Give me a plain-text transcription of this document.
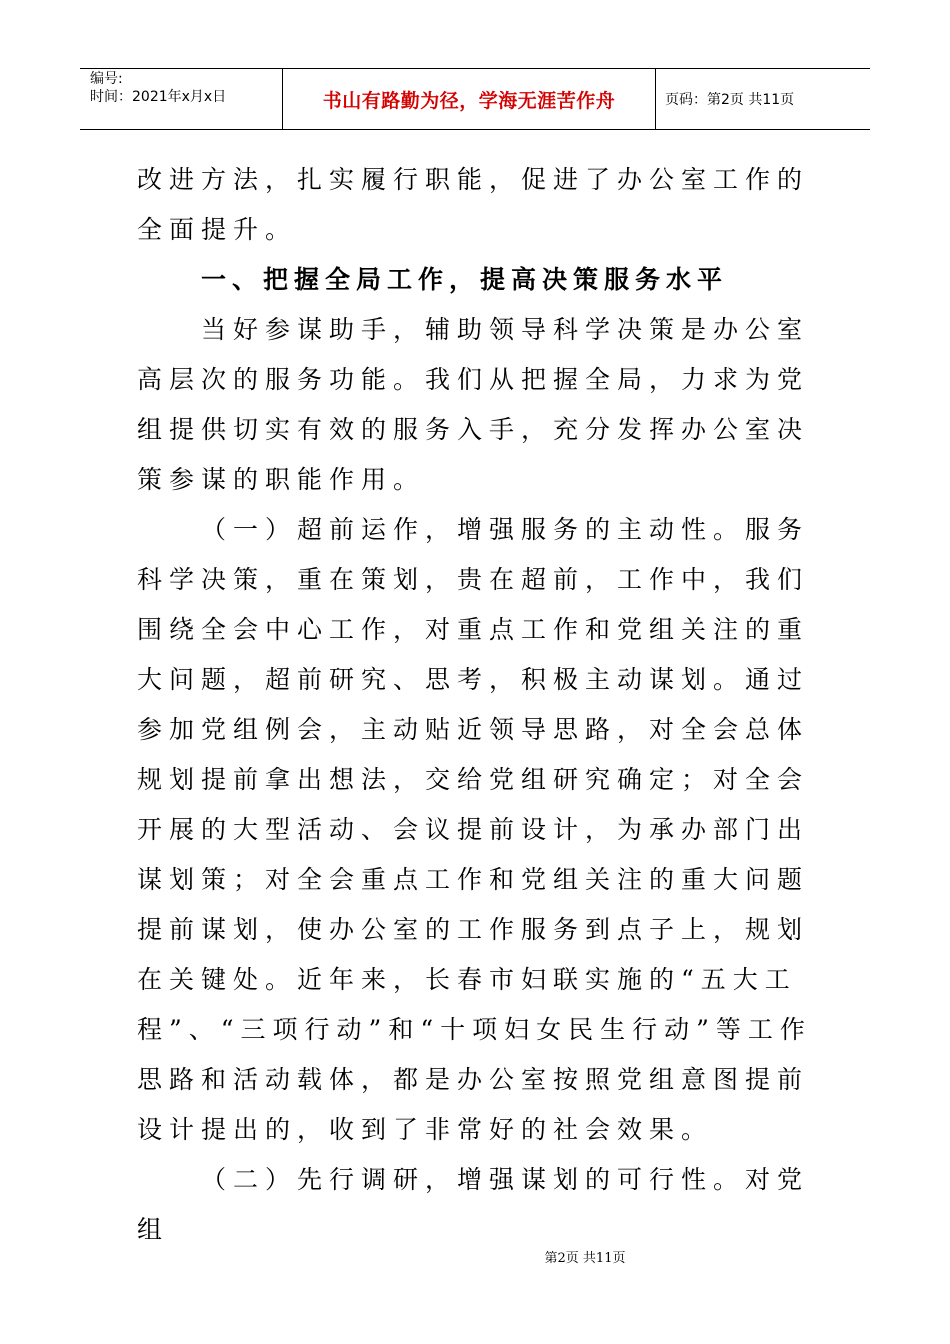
编号:
时间：2021年x月x日	书山有路勤为径，学海无涯苦作舟	页码：第2页 共11页

改进方法，扎实履行职能，促进了办公室工作的全面提升。

一、把握全局工作，提高决策服务水平

当好参谋助手，辅助领导科学决策是办公室高层次的服务功能。我们从把握全局，力求为党组提供切实有效的服务入手，充分发挥办公室决策参谋的职能作用。

（一）超前运作，增强服务的主动性。服务科学决策，重在策划，贵在超前，工作中，我们围绕全会中心工作，对重点工作和党组关注的重大问题，超前研究、思考，积极主动谋划。通过参加党组例会，主动贴近领导思路，对全会总体规划提前拿出想法，交给党组研究确定；对全会开展的大型活动、会议提前设计，为承办部门出谋划策；对全会重点工作和党组关注的重大问题提前谋划，使办公室的工作服务到点子上，规划在关键处。近年来，长春市妇联实施的“五大工程”、“三项行动”和“十项妇女民生行动”等工作思路和活动载体，都是办公室按照党组意图提前设计提出的，收到了非常好的社会效果。

（二）先行调研，增强谋划的可行性。对党组

第2页 共11页
